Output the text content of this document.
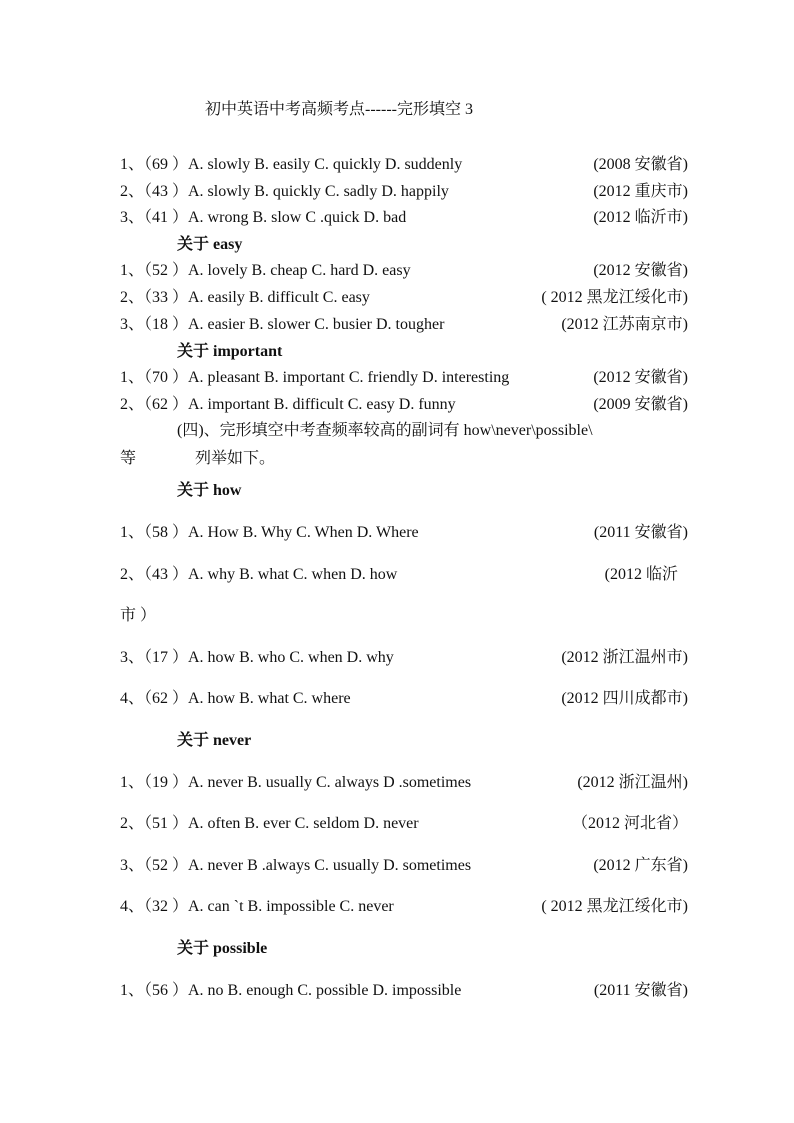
初中英语中考高频考点------完形填空 3
1、（69 ）A. slowly B. easily C. quickly D. suddenly	(2008 安徽省)
2、（43 ）A. slowly B. quickly C. sadly D. happily	(2012 重庆市)
3、（41 ）A. wrong B. slow C .quick D. bad	(2012 临沂市)
关于 easy
1、（52 ）A. lovely B. cheap C. hard D. easy	(2012 安徽省)
2、（33 ）A. easily B. difficult C. easy	( 2012 黑龙江绥化市)
3、（18 ）A. easier B. slower C. busier D. tougher	(2012 江苏南京市)
关于 important
1、（70 ）A. pleasant B. important C. friendly D. interesting	(2012 安徽省)
2、（62 ）A. important B. difficult C. easy D. funny	(2009 安徽省)
(四)、完形填空中考查频率较高的副词有 how\never\possible\
等	列举如下。
关于 how
1、（58 ）A. How B. Why C. When D. Where	(2011 安徽省)
2、（43 ）A. why B. what C. when D. how	(2012 临沂
市 ）
3、（17 ）A. how B. who C. when D. why	(2012 浙江温州市)
4、（62 ）A. how B. what C. where	(2012 四川成都市)
关于 never
1、（19 ）A. never B. usually C. always D .sometimes	(2012 浙江温州)
2、（51 ）A. often B. ever C. seldom D. never	（2012 河北省）
3、（52 ）A. never B .always C. usually D. sometimes	(2012 广东省)
4、（32 ）A. can `t B. impossible C. never	( 2012 黑龙江绥化市)
关于 possible
1、（56 ）A. no B. enough C. possible D. impossible	(2011 安徽省)
